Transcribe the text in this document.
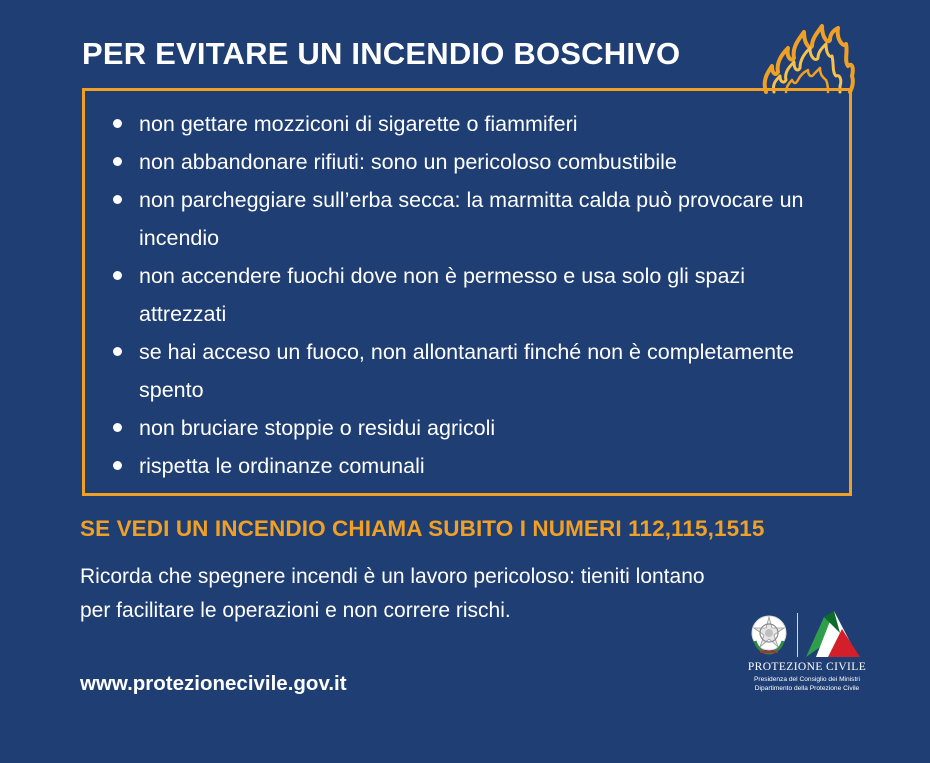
PER EVITARE UN INCENDIO BOSCHIVO
non gettare mozziconi di sigarette o fiammiferi
non abbandonare rifiuti: sono un pericoloso combustibile
non parcheggiare sull’erba secca: la marmitta calda può provocare un incendio
non accendere fuochi dove non è permesso e usa solo gli spazi attrezzati
se hai acceso un fuoco, non allontanarti finché non è completamente spento
non bruciare stoppie o residui agricoli
rispetta le ordinanze comunali
SE VEDI UN INCENDIO CHIAMA SUBITO I NUMERI 112,115,1515
Ricorda che spegnere incendi è un lavoro pericoloso: tieniti lontano per facilitare le operazioni e non correre rischi.
www.protezionecivile.gov.it
PROTEZIONE CIVILE
Presidenza del Consiglio dei Ministri
Dipartimento della Protezione Civile
